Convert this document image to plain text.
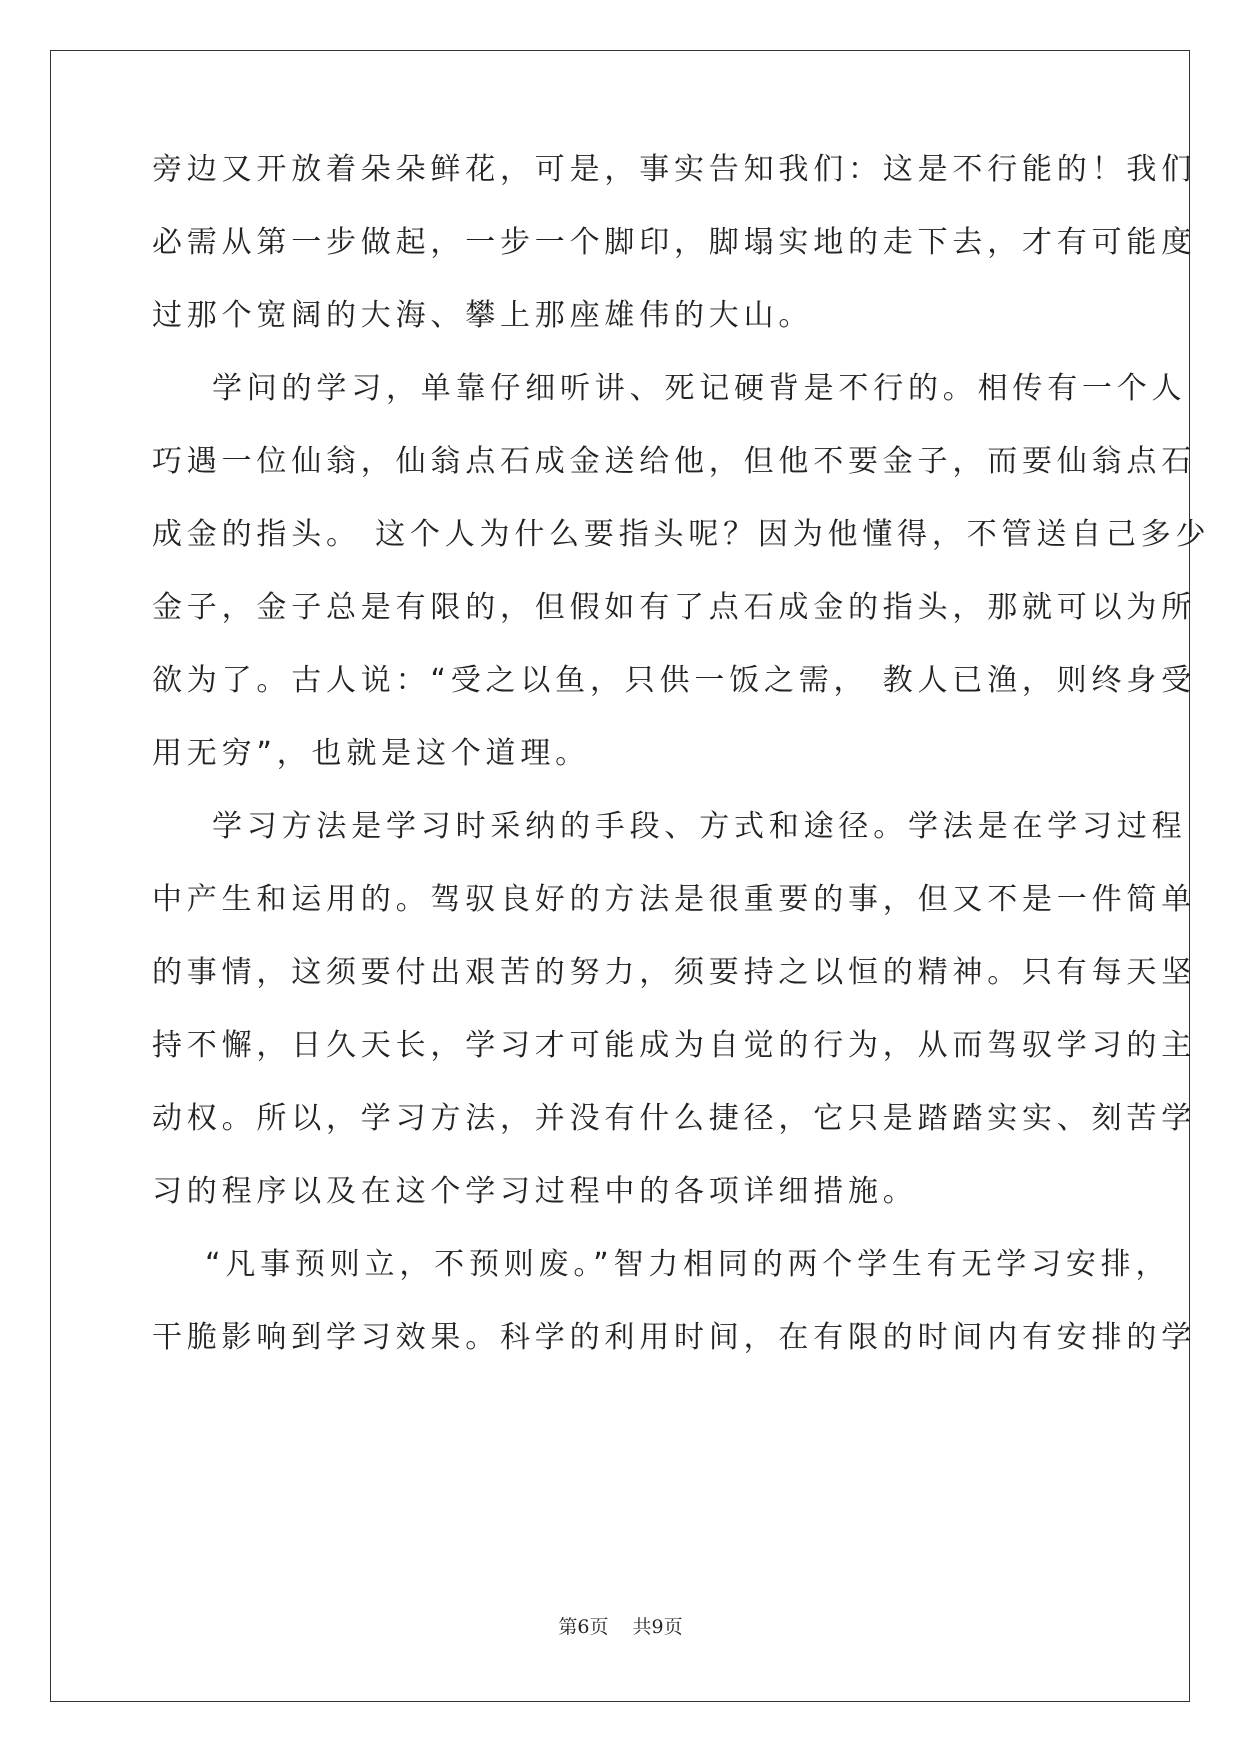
旁边又开放着朵朵鲜花，可是，事实告知我们：这是不行能的！我们
必需从第一步做起，一步一个脚印，脚塌实地的走下去，才有可能度
过那个宽阔的大海、攀上那座雄伟的大山。
学问的学习，单靠仔细听讲、死记硬背是不行的。相传有一个人
巧遇一位仙翁，仙翁点石成金送给他，但他不要金子，而要仙翁点石
成金的指头。 这个人为什么要指头呢？因为他懂得，不管送自己多少
金子，金子总是有限的，但假如有了点石成金的指头，那就可以为所
欲为了。古人说：“受之以鱼，只供一饭之需， 教人已渔，则终身受
用无穷”，也就是这个道理。
学习方法是学习时采纳的手段、方式和途径。学法是在学习过程
中产生和运用的。驾驭良好的方法是很重要的事，但又不是一件简单
的事情，这须要付出艰苦的努力，须要持之以恒的精神。只有每天坚
持不懈，日久天长，学习才可能成为自觉的行为，从而驾驭学习的主
动权。所以，学习方法，并没有什么捷径，它只是踏踏实实、刻苦学
习的程序以及在这个学习过程中的各项详细措施。
“凡事预则立，不预则废。”智力相同的两个学生有无学习安排，
干脆影响到学习效果。科学的利用时间，在有限的时间内有安排的学
第6页 共9页
